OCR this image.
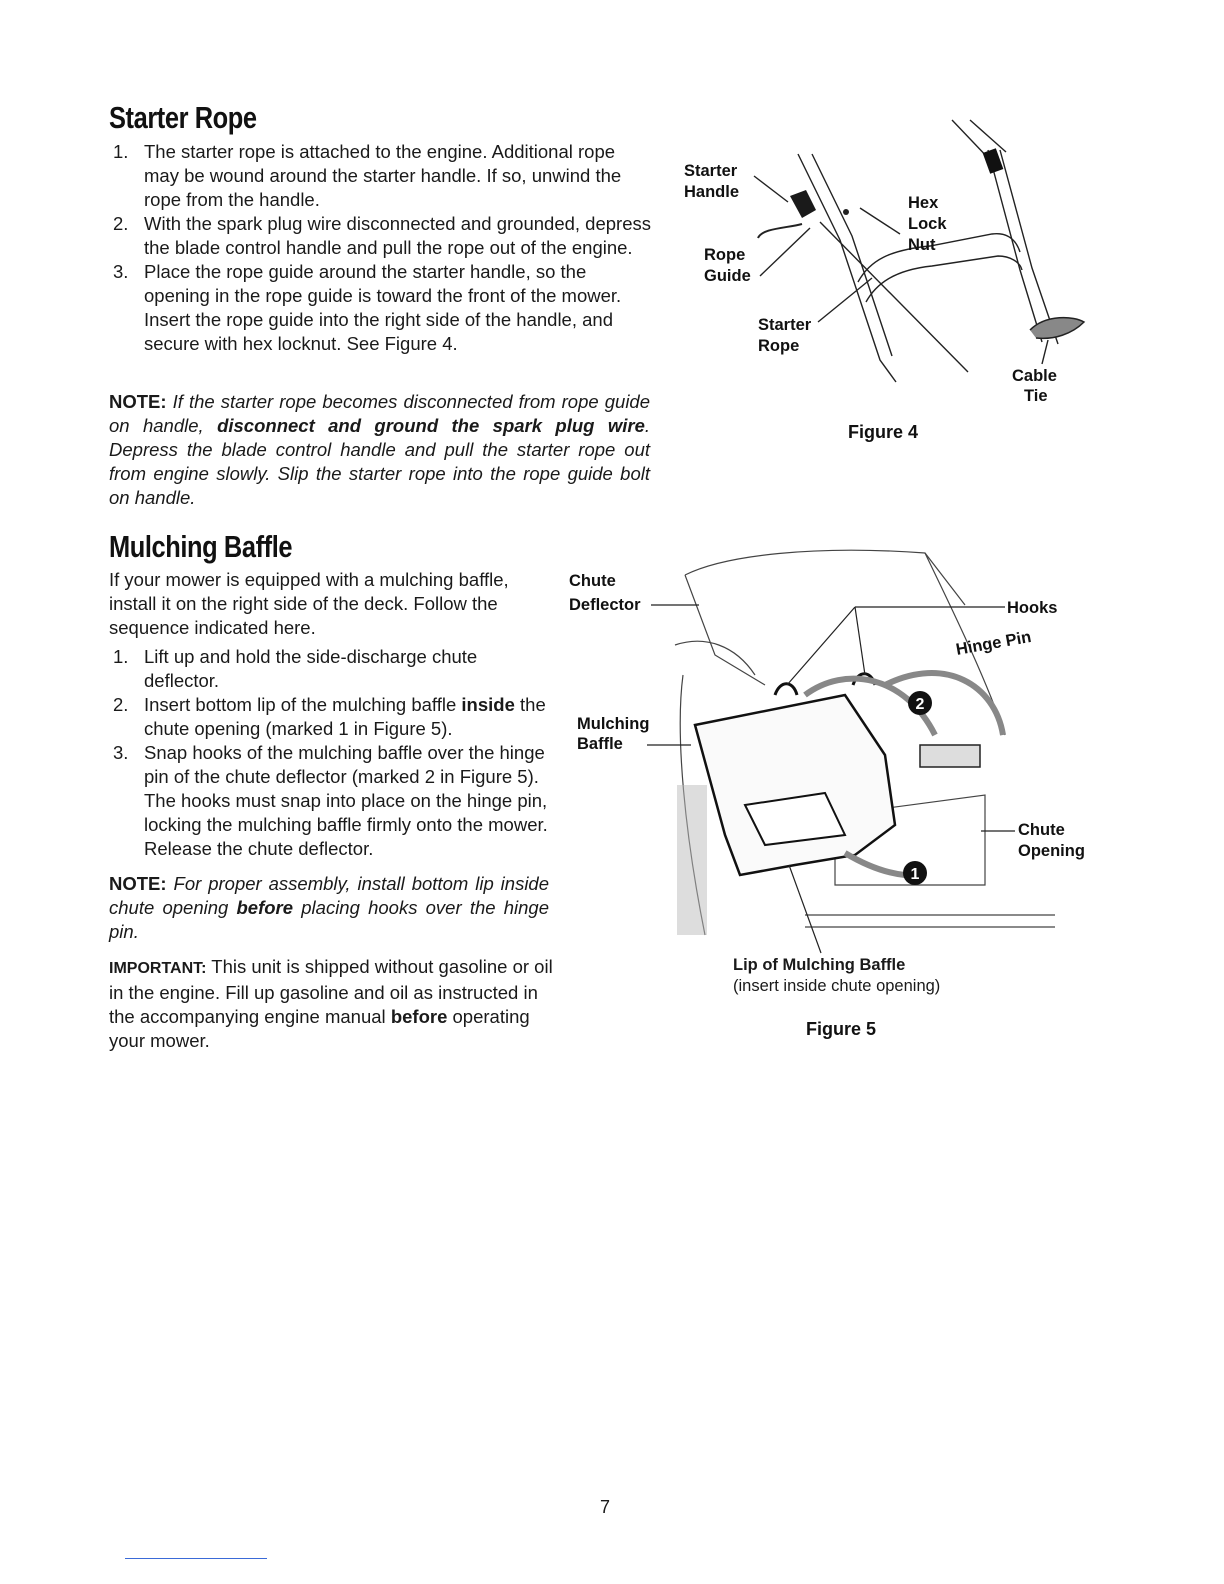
Starter Rope
1. The starter rope is attached to the engine. Additional rope may be wound around the starter handle. If so, unwind the rope from the handle.
2. With the spark plug wire disconnected and grounded, depress the blade control handle and pull the rope out of the engine.
3. Place the rope guide around the starter handle, so the opening in the rope guide is toward the front of the mower. Insert the rope guide into the right side of the handle, and secure with hex locknut. See Figure 4.

NOTE: If the starter rope becomes disconnected from rope guide on handle, disconnect and ground the spark plug wire. Depress the blade control handle and pull the starter rope out from engine slowly. Slip the starter rope into the rope guide bolt on handle.

Starter
Handle
Rope
Guide
Starter
Rope
Hex
Lock
Nut
Cable
Tie
Figure 4
Mulching Baffle

If your mower is equipped with a mulching baffle, install it on the right side of the deck. Follow the sequence indicated here.

1. Lift up and hold the side-discharge chute deflector.
2. Insert bottom lip of the mulching baffle inside the chute opening (marked 1 in Figure 5).
3. Snap hooks of the mulching baffle over the hinge pin of the chute deflector (marked 2 in Figure 5). The hooks must snap into place on the hinge pin, locking the mulching baffle firmly onto the mower. Release the chute deflector.

NOTE: For proper assembly, install bottom lip inside chute opening before placing hooks over the hinge pin.

IMPORTANT: This unit is shipped without gasoline or oil in the engine. Fill up gasoline and oil as instructed in the accompanying engine manual before operating your mower.

2
1
Chute
Deflector
Mulching
Baffle
Hooks
Hinge Pin
Chute
Opening
Lip of Mulching Baffle
(insert inside chute opening)
Figure 5
7
